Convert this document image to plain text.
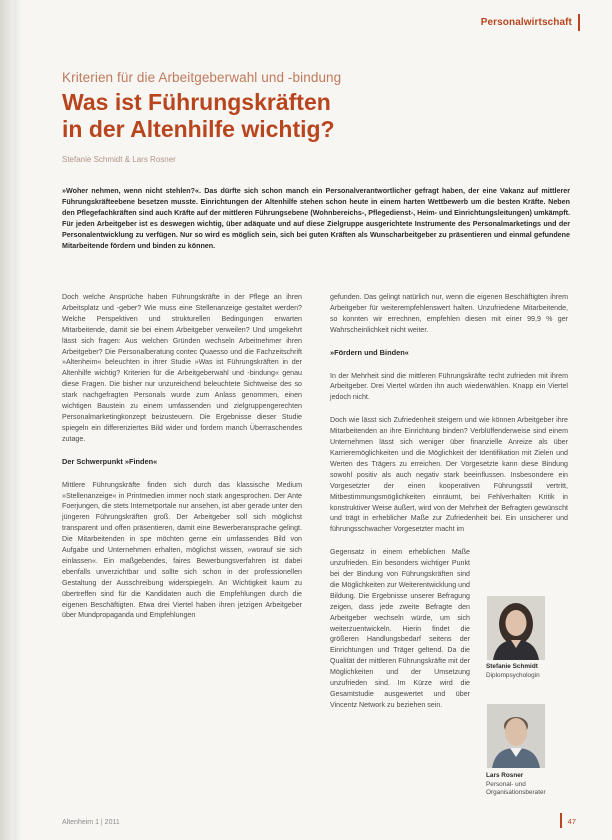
Personalwirtschaft
Kriterien für die Arbeitgeberwahl und -bindung
Was ist Führungskräften
in der Altenhilfe wichtig?
Stefanie Schmidt & Lars Rosner

»Woher nehmen, wenn nicht stehlen?«. Das dürfte sich schon manch ein Personalverantwortlicher gefragt haben, der eine Vakanz auf mittlerer Führungskräfteebene besetzen musste. Einrichtungen der Altenhilfe stehen schon heute in einem harten Wettbewerb um die besten Kräfte. Neben den Pflegefachkräften sind auch Kräfte auf der mittleren Führungsebene (Wohnbereichs-, Pflegedienst-, Heim- und Einrichtungsleitungen) umkämpft. Für jeden Arbeitgeber ist es deswegen wichtig, über adäquate und auf diese Zielgruppe ausgerichtete Instrumente des Personalmarketings und der Personalentwicklung zu verfügen. Nur so wird es möglich sein, sich bei guten Kräften als Wunscharbeitgeber zu präsentieren und einmal gefundene Mitarbeitende fördern und binden zu können.

Doch welche Ansprüche haben Führungskräfte in der Pflege an ihren Arbeitsplatz und -geber? Wie muss eine Stellenanzeige gestaltet werden? Welche Perspektiven und strukturellen Bedingungen erwarten Mitarbeitende, damit sie bei einem Arbeitgeber verweilen? Und umgekehrt lässt sich fragen: Aus welchen Gründen wechseln Arbeitnehmer ihren Arbeitgeber? Die Personalberatung contec Quaesso und die Fachzeitschrift »Altenheim« beleuchten in ihrer Studie »Was ist Führungskräften in der Altenhilfe wichtig? Kriterien für die Arbeitgeberwahl und -bindung« genau diese Fragen. Die bisher nur unzureichend beleuchtete Sichtweise des so stark nachgefragten Personals wurde zum Anlass genommen, einen wichtigen Baustein zu einem umfassenden und zielgruppengerechten Personalmarketingkonzept beizusteuern. Die Ergebnisse dieser Studie spiegeln ein differenziertes Bild wider und fordern manch Überraschendes zutage.

Der Schwerpunkt »Finden«

Mittlere Führungskräfte finden sich durch das klassische Medium »Stellenanzeige« in Printmedien immer noch stark angesprochen. Der Ante Foerjungen, die stets Internetportale nur ansehen, ist aber gerade unter den jüngeren Führungskräften groß. Der Arbeitgeber soll sich möglichst transparent und offen präsentieren, damit eine Bewerberansprache gelingt. Die Mitarbeitenden in spe möchten gerne ein umfassendes Bild von Aufgabe und Unternehmen erhalten, möglichst wissen, »worauf sie sich einlassen«. Ein maßgebendes, faires Bewerbungsverfahren ist dabei ebenfalls unverzichtbar und sollte sich schon in der professionellen Gestaltung der Ausschreibung widerspiegeln. An Wichtigkeit kaum zu übertreffen sind für die Kandidaten auch die Empfehlungen durch die eigenen Beschäftigten. Etwa drei Viertel haben ihren jetzigen Arbeitgeber über Mundpropaganda und Empfehlungen

gefunden. Das gelingt natürlich nur, wenn die eigenen Beschäftigten ihrem Arbeitgeber für weiterempfehlenswert halten. Unzufriedene Mitarbeitende, so konnten wir errechnen, empfehlen diesen mit einer 99,9 % ger Wahrscheinlichkeit nicht weiter.

»Fördern und Binden«

In der Mehrheit sind die mittleren Führungskräfte recht zufrieden mit ihrem Arbeitgeber. Drei Viertel würden ihn auch wiederwählen. Knapp ein Viertel jedoch nicht.

Doch wie lässt sich Zufriedenheit steigern und wie können Arbeitgeber ihre Mitarbeitenden an ihre Einrichtung binden? Verblüffenderweise sind einem Unternehmen lässt sich weniger über finanzielle Anreize als über Karrieremöglichkeiten und die Möglichkeit der Identifikation mit Zielen und Werten des Trägers zu erreichen. Der Vorgesetzte kann diese Bindung sowohl positiv als auch negativ stark beeinflussen. Insbesondere ein Vorgesetzter der einen kooperativen Führungsstil vertritt, Mitbestimmungsmöglichkeiten einräumt, bei Fehlverhalten Kritik in konstruktiver Weise äußert, wird von der Mehrheit der Befragten gewünscht und trägt in erheblicher Maße zur Zufriedenheit bei. Ein unsicherer und führungsschwacher Vorgesetzter macht im

Gegensatz in einem erheblichen Maße unzufrieden. Ein besonders wichtiger Punkt bei der Bindung von Führungskräften sind die Möglichkeiten zur Weiterentwicklung und Bildung. Die Ergebnisse unserer Befragung zeigen, dass jede zweite Befragte den Arbeitgeber wechseln würde, um sich weiterzuentwickeln. Hierin findet die größeren Handlungsbedarf seitens der Einrichtungen und Träger geltend. Da die Qualität der mittleren Führungskräfte mit der Möglichkeiten und der Umsetzung unzufrieden sind. Im Kürze wird die Gesamtstudie ausgewertet und über Vincentz Network zu beziehen sein.

Stefanie Schmidt
Diplompsychologin
Lars Rosner
Personal- und
Organisationsberater
Altenheim 1 | 2011	47
